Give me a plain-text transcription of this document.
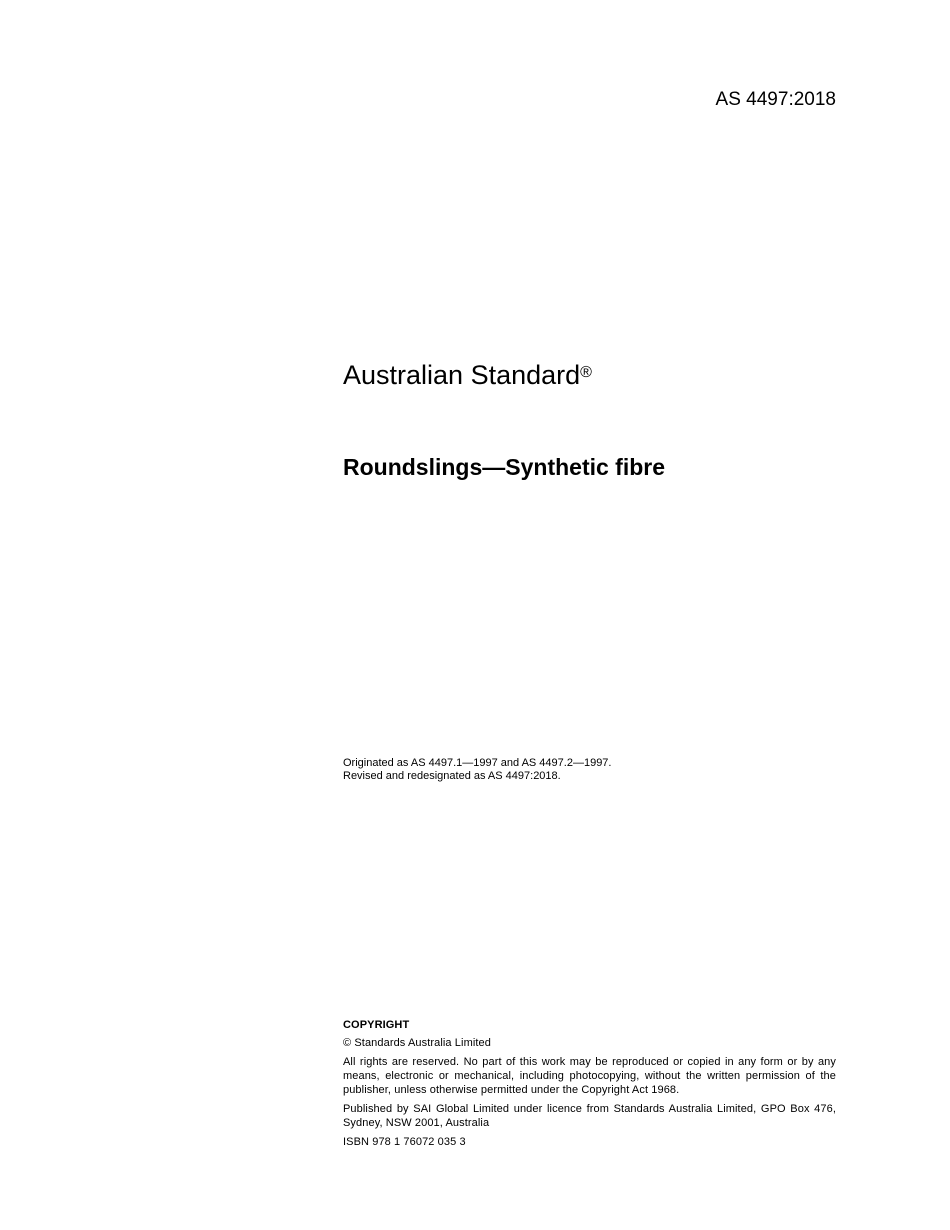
AS 4497:2018

Australian Standard®
Roundslings—Synthetic fibre

Originated as AS 4497.1—1997 and AS 4497.2—1997.

Revised and redesignated as AS 4497:2018.

COPYRIGHT

© Standards Australia Limited

All rights are reserved. No part of this work may be reproduced or copied in any form or by any means, electronic or mechanical, including photocopying, without the written permission of the publisher, unless otherwise permitted under the Copyright Act 1968.

Published by SAI Global Limited under licence from Standards Australia Limited, GPO Box 476, Sydney, NSW 2001, Australia

ISBN 978 1 76072 035 3
